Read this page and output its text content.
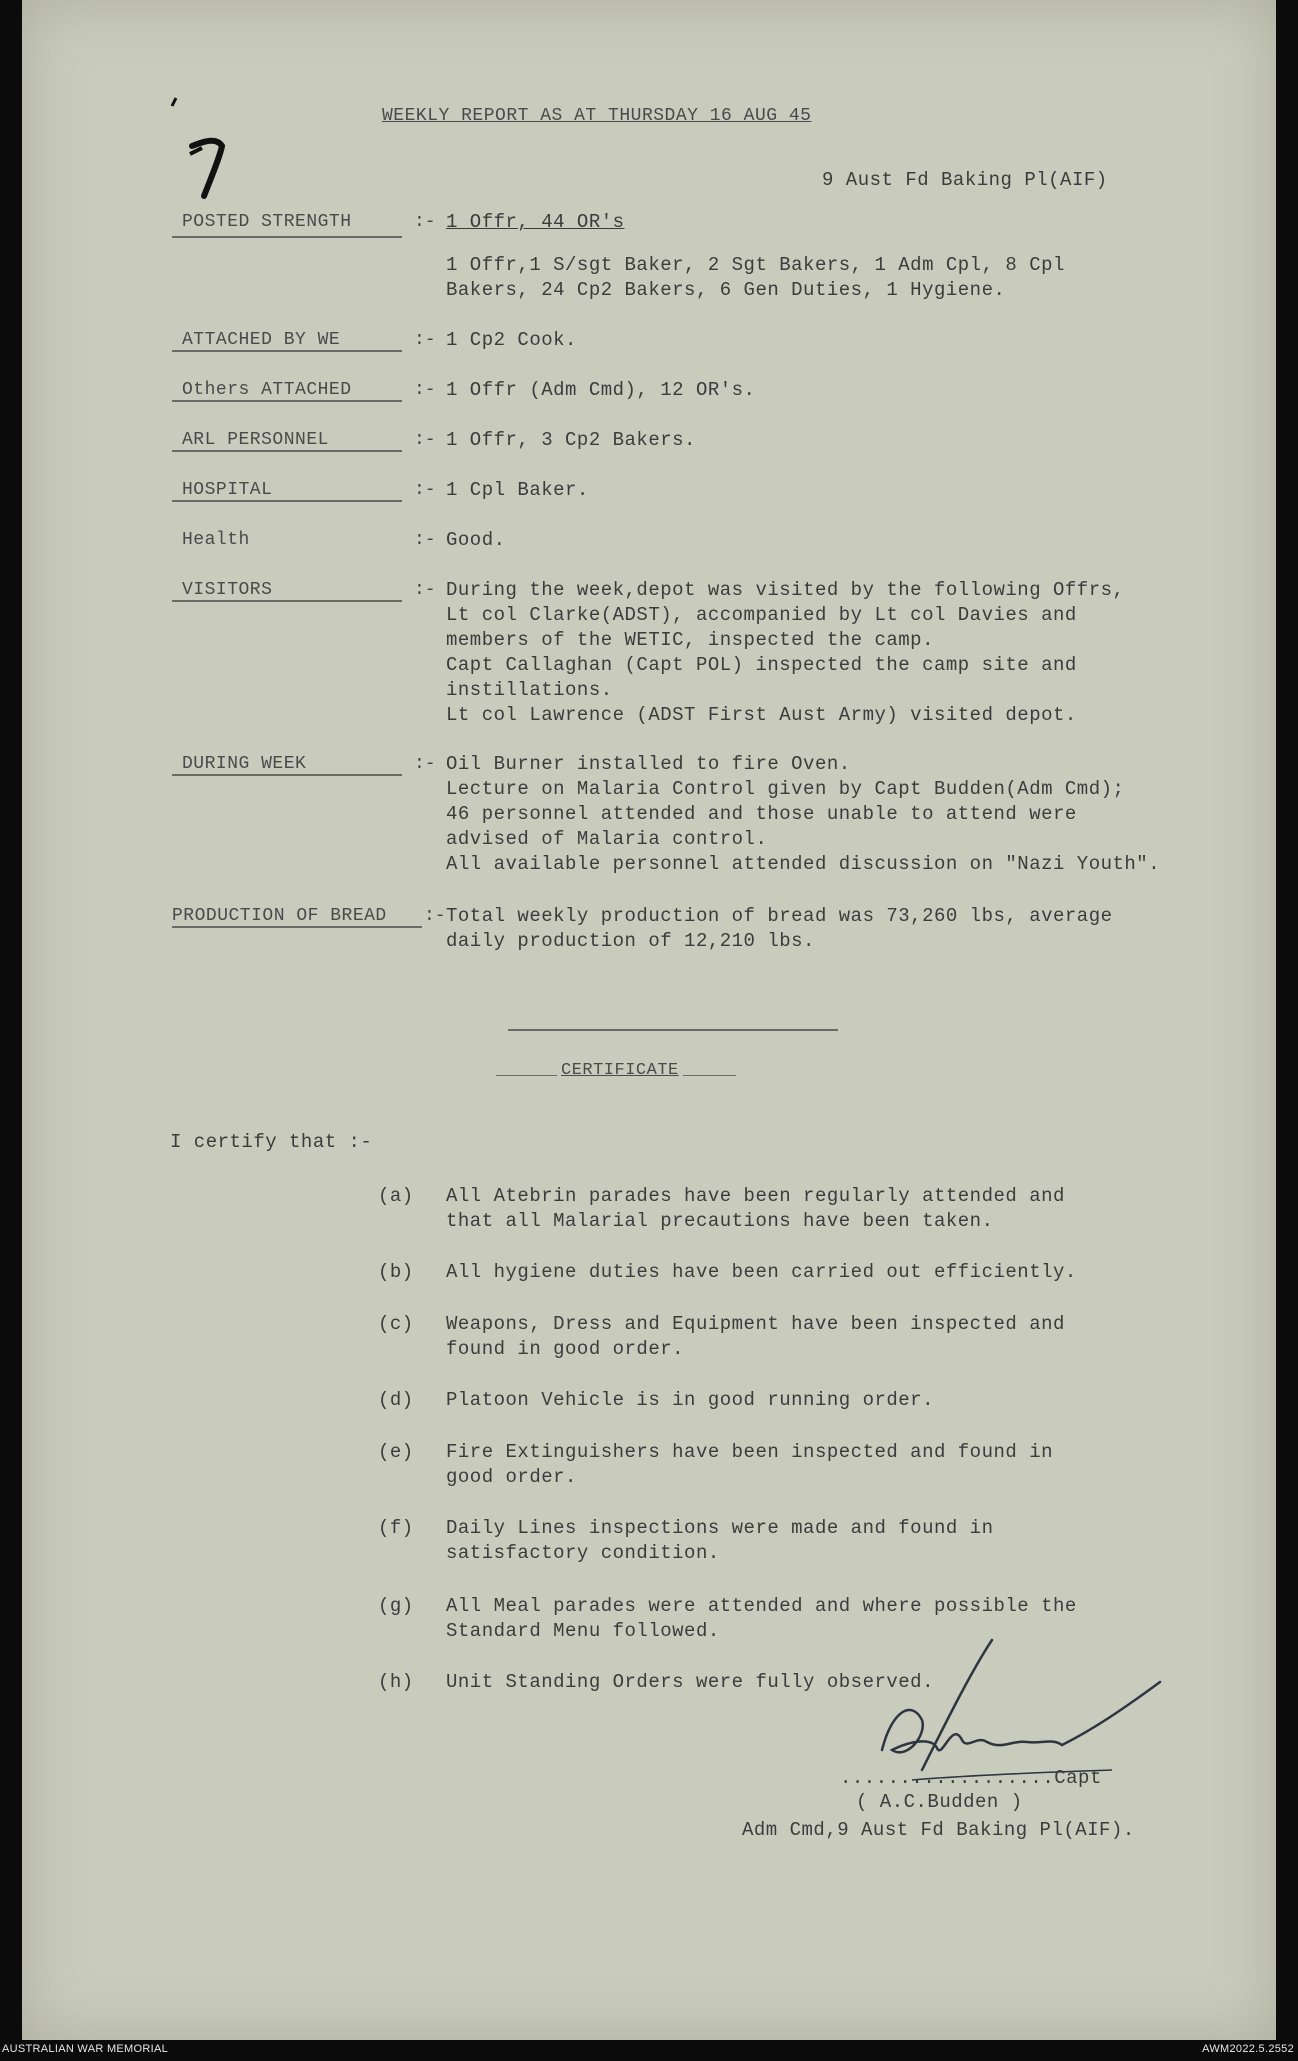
WEEKLY REPORT AS AT THURSDAY 16 AUG 45
9 Aust Fd Baking Pl(AIF)
POSTED STRENGTH	:- 1 Offr, 44 OR's
1 Offr,1 S/sgt Baker, 2 Sgt Bakers, 1 Adm Cpl, 8 Cpl
Bakers, 24 Cp2 Bakers, 6 Gen Duties, 1 Hygiene.
ATTACHED BY WE	:- 1 Cp2 Cook.
Others ATTACHED	:- 1 Offr (Adm Cmd), 12 OR's.
ARL PERSONNEL	:- 1 Offr, 3 Cp2 Bakers.
HOSPITAL	:- 1 Cpl Baker.
Health	:- Good.
VISITORS	:- During the week,depot was visited by the following Offrs,
Lt col Clarke(ADST), accompanied by Lt col Davies and
members of the WETIC, inspected the camp.
Capt Callaghan (Capt POL) inspected the camp site and
instillations.
Lt col Lawrence (ADST First Aust Army) visited depot.
DURING WEEK	:- Oil Burner installed to fire Oven.
Lecture on Malaria Control given by Capt Budden(Adm Cmd);
46 personnel attended and those unable to attend were
advised of Malaria control.
All available personnel attended discussion on "Nazi Youth".
PRODUCTION OF BREAD :- Total weekly production of bread was 73,260 lbs, average
daily production of 12,210 lbs.
CERTIFICATE
I certify that :-
(a) All Atebrin parades have been regularly attended and
that all Malarial precautions have been taken.
(b) All hygiene duties have been carried out efficiently.
(c) Weapons, Dress and Equipment have been inspected and
found in good order.
(d) Platoon Vehicle is in good running order.
(e) Fire Extinguishers have been inspected and found in
good order.
(f) Daily Lines inspections were made and found in
satisfactory condition.
(g) All Meal parades were attended and where possible the
Standard Menu followed.
(h) Unit Standing Orders were fully observed.
..................Capt
( A.C.Budden )
Adm Cmd,9 Aust Fd Baking Pl(AIF).
AUSTRALIAN WAR MEMORIAL	AWM2022.5.2552
